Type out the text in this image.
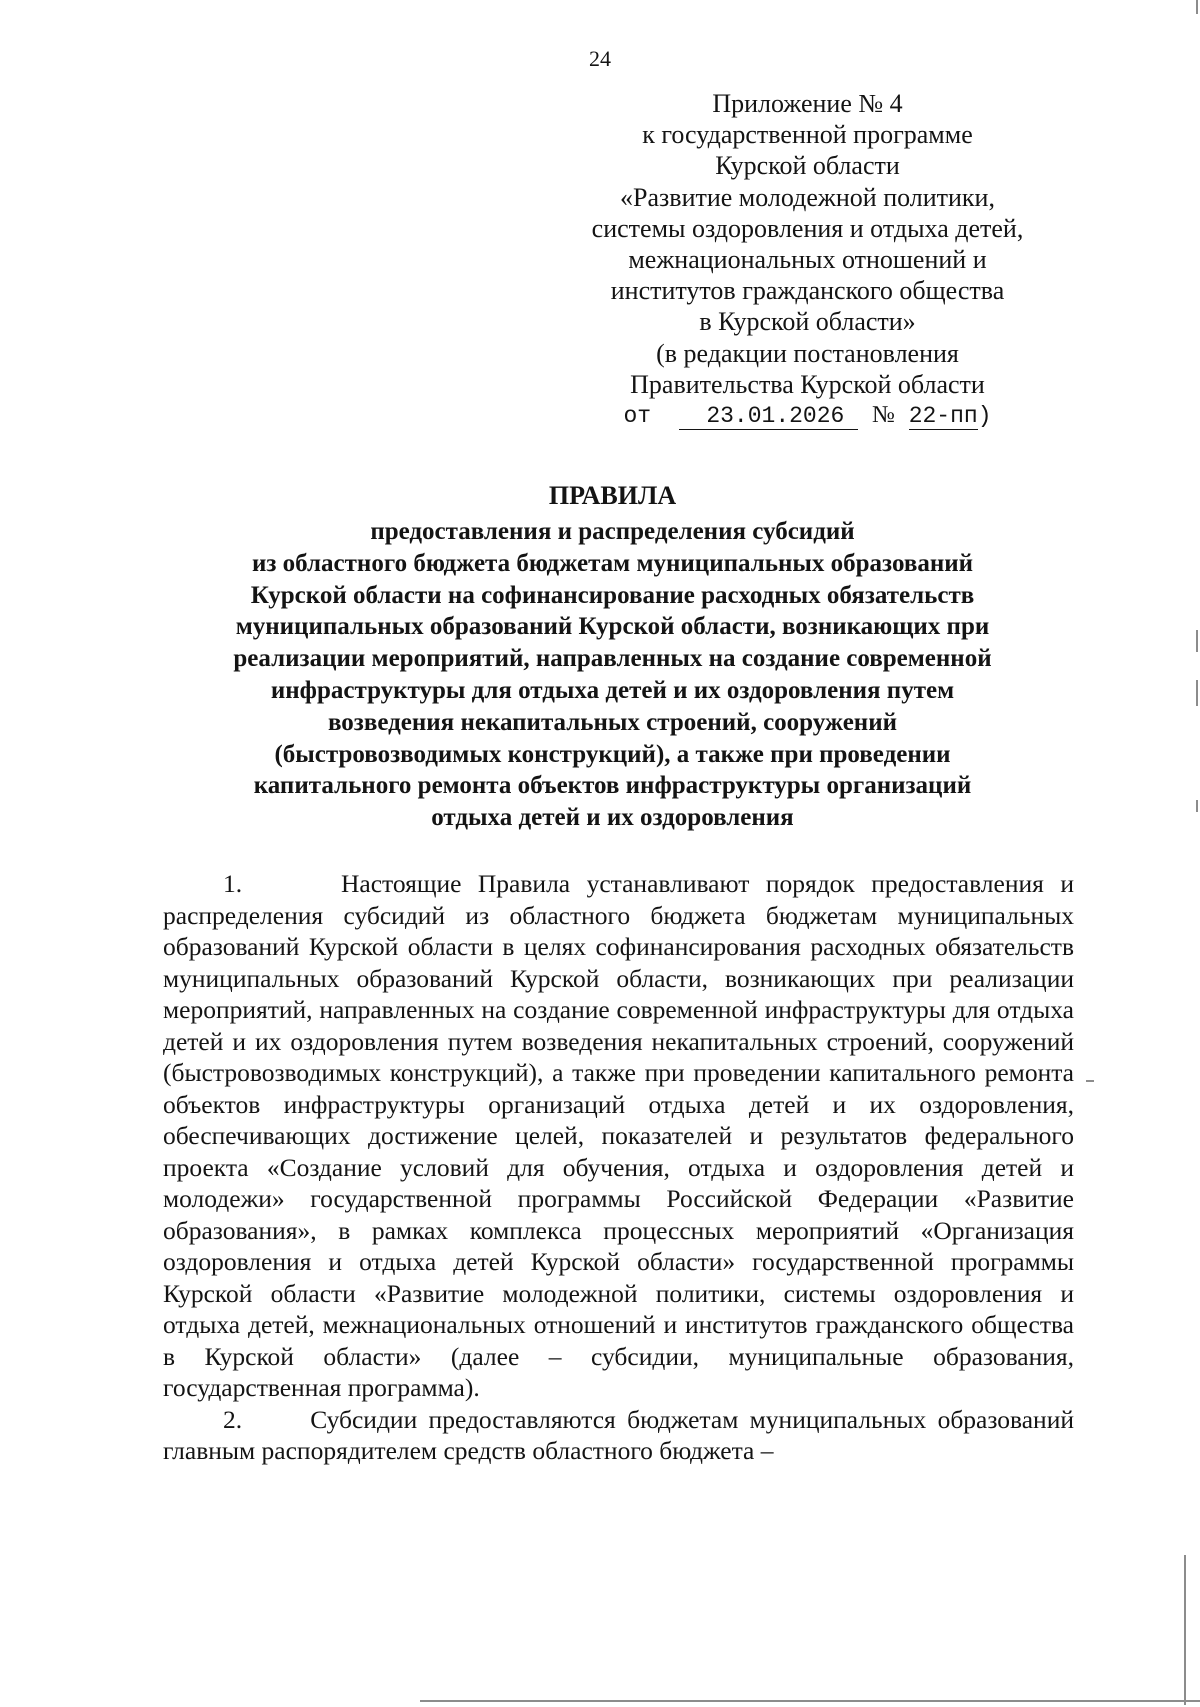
24
Приложение № 4
к государственной программе
Курской области
«Развитие молодежной политики,
системы оздоровления и отдыха детей,
межнациональных отношений и
институтов гражданского общества
в Курской области»
(в редакции постановления
Правительства Курской области
от 23.01.2026 № 22-пп)
ПРАВИЛА
предоставления и распределения субсидий
из областного бюджета бюджетам муниципальных образований
Курской области на софинансирование расходных обязательств
муниципальных образований Курской области, возникающих при
реализации мероприятий, направленных на создание современной
инфраструктуры для отдыха детей и их оздоровления путем
возведения некапитальных строений, сооружений
(быстровозводимых конструкций), а также при проведении
капитального ремонта объектов инфраструктуры организаций
отдыха детей и их оздоровления

1.	Настоящие Правила устанавливают порядок предоставления и распределения субсидий из областного бюджета бюджетам муниципальных образований Курской области в целях софинансирования расходных обязательств муниципальных образований Курской области, возникающих при реализации мероприятий, направленных на создание современной инфраструктуры для отдыха детей и их оздоровления путем возведения некапитальных строений, сооружений (быстровозводимых конструкций), а также при проведении капитального ремонта объектов инфраструктуры организаций отдыха детей и их оздоровления, обеспечивающих достижение целей, показателей и результатов федерального проекта «Создание условий для обучения, отдыха и оздоровления детей и молодежи» государственной программы Российской Федерации «Развитие образования», в рамках комплекса процессных мероприятий «Организация оздоровления и отдыха детей Курской области» государственной программы Курской области «Развитие молодежной политики, системы оздоровления и отдыха детей, межнациональных отношений и институтов гражданского общества в Курской области» (далее – субсидии, муниципальные образования, государственная программа).

2.	Субсидии предоставляются бюджетам муниципальных образований главным распорядителем средств областного бюджета –
